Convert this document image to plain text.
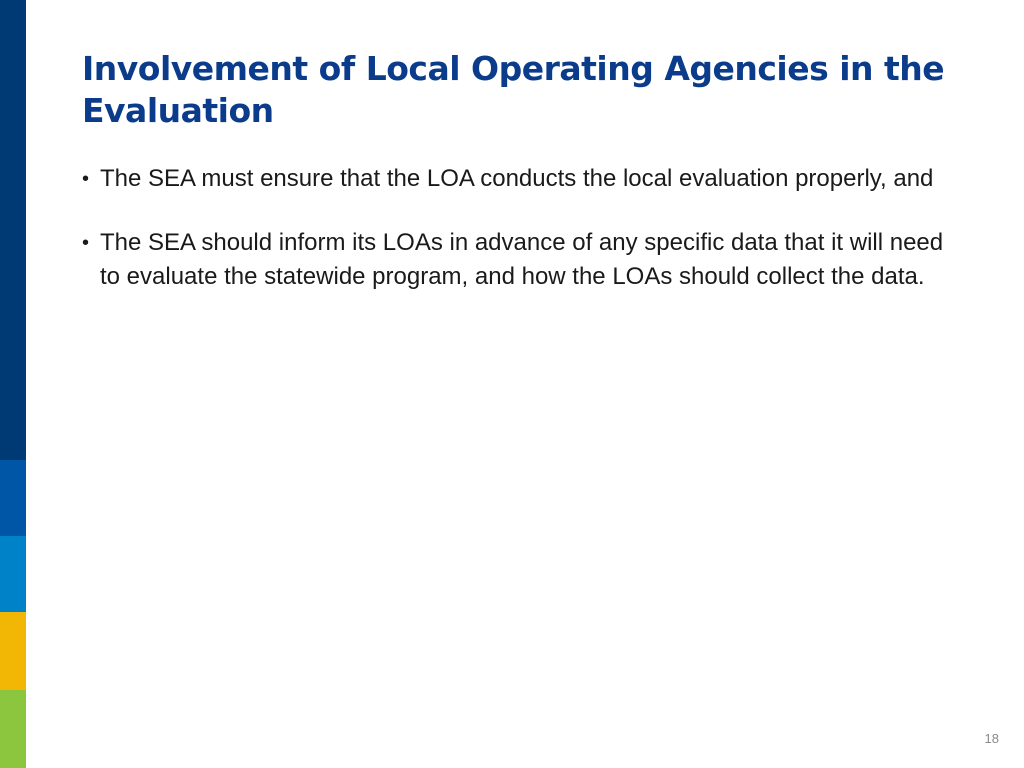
Involvement of Local Operating Agencies in the Evaluation
• The SEA must ensure that the LOA conducts the local evaluation properly, and
• The SEA should inform its LOAs in advance of any specific data that it will need to evaluate the statewide program, and how the LOAs should collect the data.
18
